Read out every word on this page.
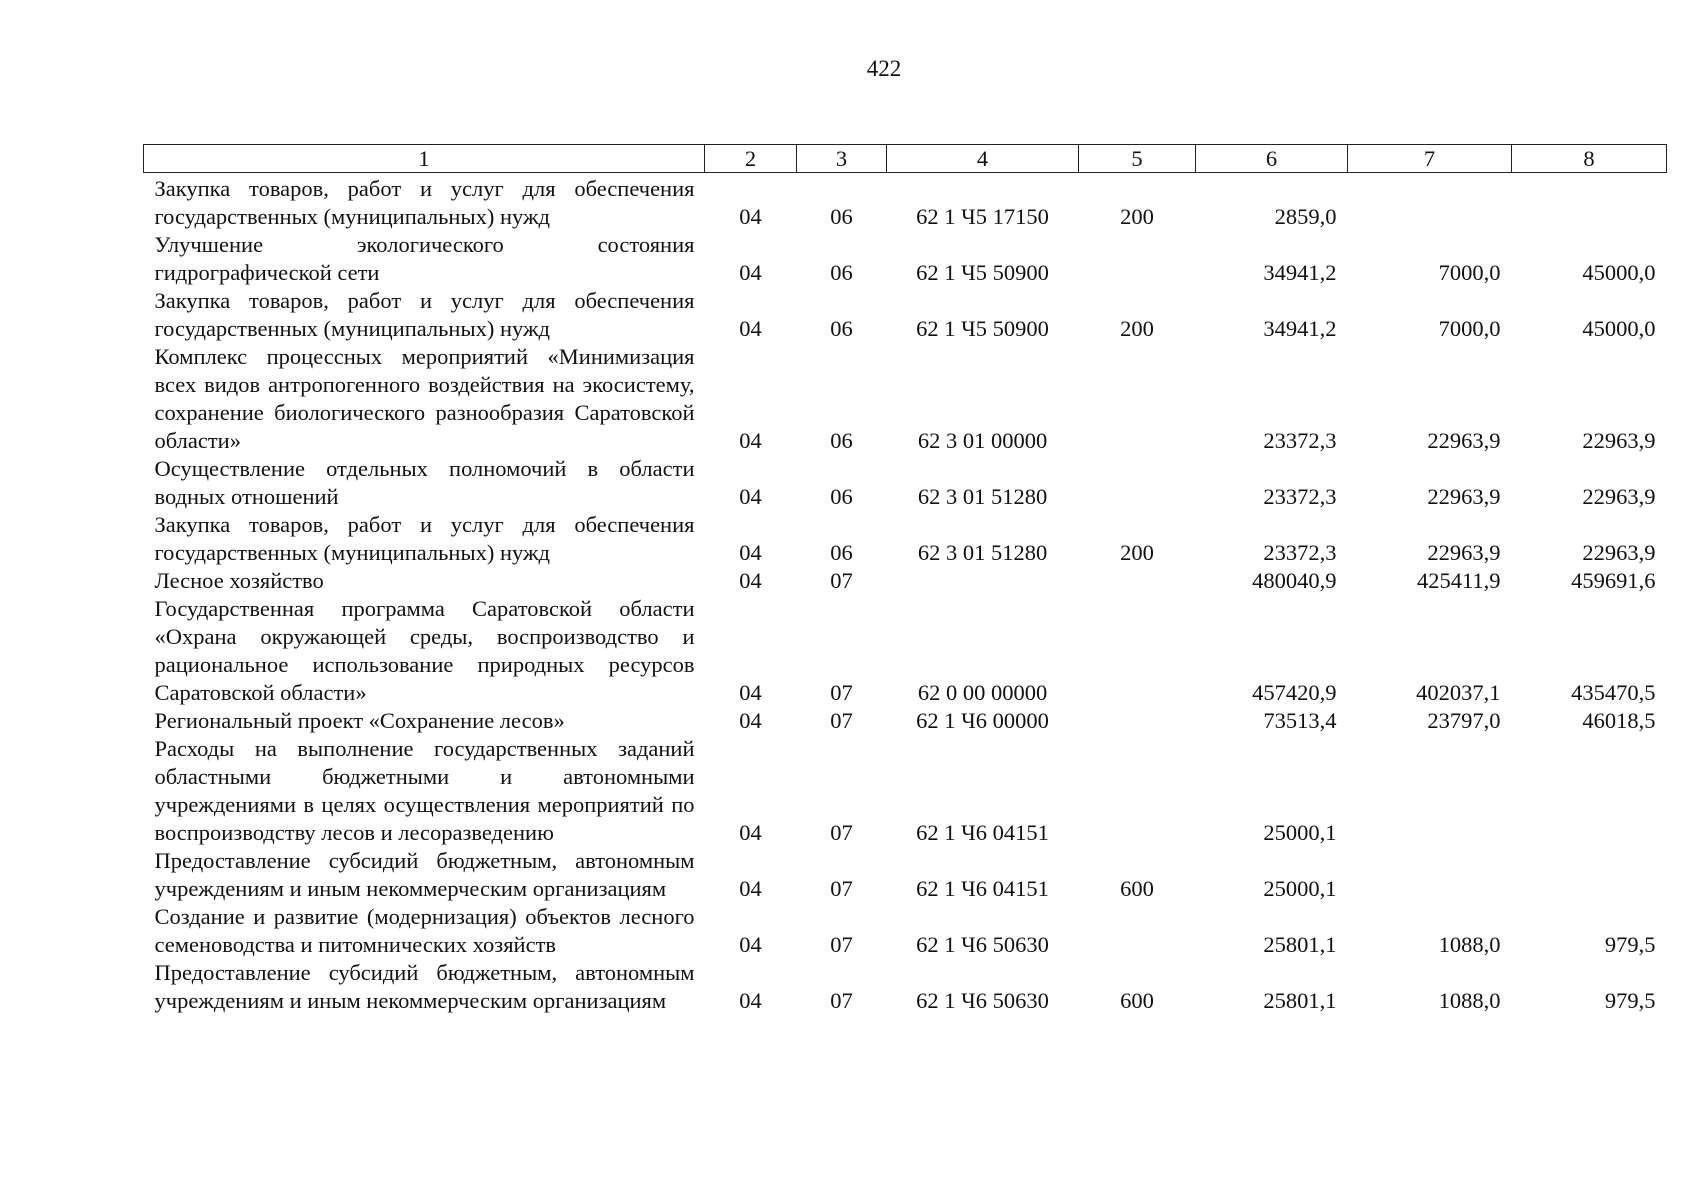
422
1	2	3	4	5	6	7	8
Закупка товаров, работ и услуг для обеспечения государственных (муниципальных) нужд	04	06	62 1 Ч5 17150	200	2859,0		
Улучшение экологического состояния гидрографической сети	04	06	62 1 Ч5 50900		34941,2	7000,0	45000,0
Закупка товаров, работ и услуг для обеспечения государственных (муниципальных) нужд	04	06	62 1 Ч5 50900	200	34941,2	7000,0	45000,0
Комплекс процессных мероприятий «Минимизация всех видов антропогенного воздействия на экосистему, сохранение биологического разнообразия Саратовской области»	04	06	62 3 01 00000		23372,3	22963,9	22963,9
Осуществление отдельных полномочий в области водных отношений	04	06	62 3 01 51280		23372,3	22963,9	22963,9
Закупка товаров, работ и услуг для обеспечения государственных (муниципальных) нужд	04	06	62 3 01 51280	200	23372,3	22963,9	22963,9
Лесное хозяйство	04	07			480040,9	425411,9	459691,6
Государственная программа Саратовской области «Охрана окружающей среды, воспроизводство и рациональное использование природных ресурсов Саратовской области»	04	07	62 0 00 00000		457420,9	402037,1	435470,5
Региональный проект «Сохранение лесов»	04	07	62 1 Ч6 00000		73513,4	23797,0	46018,5
Расходы на выполнение государственных заданий областными бюджетными и автономными учреждениями в целях осуществления мероприятий по воспроизводству лесов и лесоразведению	04	07	62 1 Ч6 04151		25000,1		
Предоставление субсидий бюджетным, автономным учреждениям и иным некоммерческим организациям	04	07	62 1 Ч6 04151	600	25000,1		
Создание и развитие (модернизация) объектов лесного семеноводства и питомнических хозяйств	04	07	62 1 Ч6 50630		25801,1	1088,0	979,5
Предоставление субсидий бюджетным, автономным учреждениям и иным некоммерческим организациям	04	07	62 1 Ч6 50630	600	25801,1	1088,0	979,5
